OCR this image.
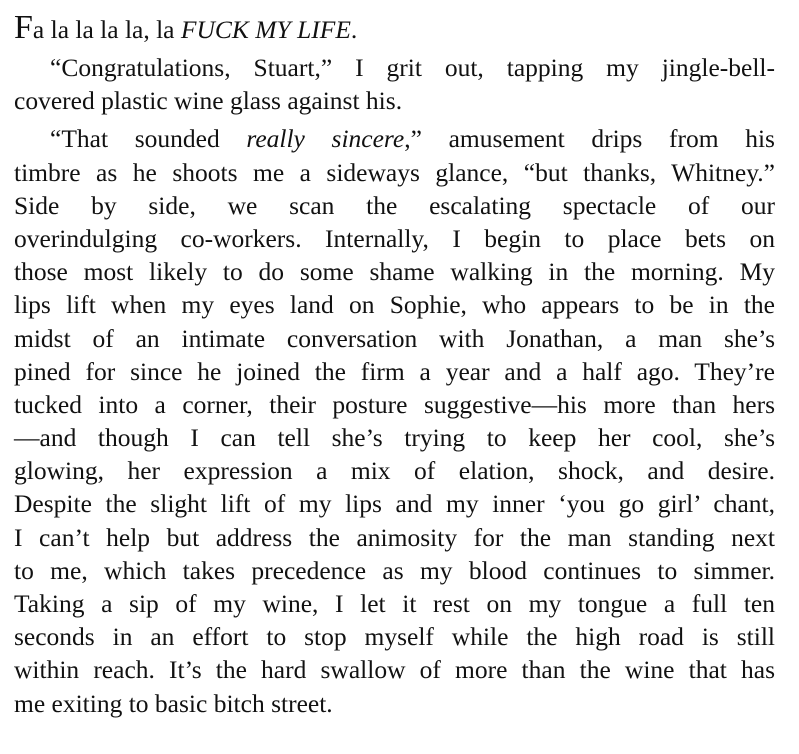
Fa la la la la, la FUCK MY LIFE.
“Congratulations, Stuart,” I grit out, tapping my jingle-bell-
covered plastic wine glass against his.
“That sounded really sincere,” amusement drips from his
timbre as he shoots me a sideways glance, “but thanks, Whitney.”
Side by side, we scan the escalating spectacle of our
overindulging co-workers. Internally, I begin to place bets on
those most likely to do some shame walking in the morning. My
lips lift when my eyes land on Sophie, who appears to be in the
midst of an intimate conversation with Jonathan, a man she’s
pined for since he joined the firm a year and a half ago. They’re
tucked into a corner, their posture suggestive—his more than hers
—and though I can tell she’s trying to keep her cool, she’s
glowing, her expression a mix of elation, shock, and desire.
Despite the slight lift of my lips and my inner ‘you go girl’ chant,
I can’t help but address the animosity for the man standing next
to me, which takes precedence as my blood continues to simmer.
Taking a sip of my wine, I let it rest on my tongue a full ten
seconds in an effort to stop myself while the high road is still
within reach. It’s the hard swallow of more than the wine that has
me exiting to basic bitch street.
